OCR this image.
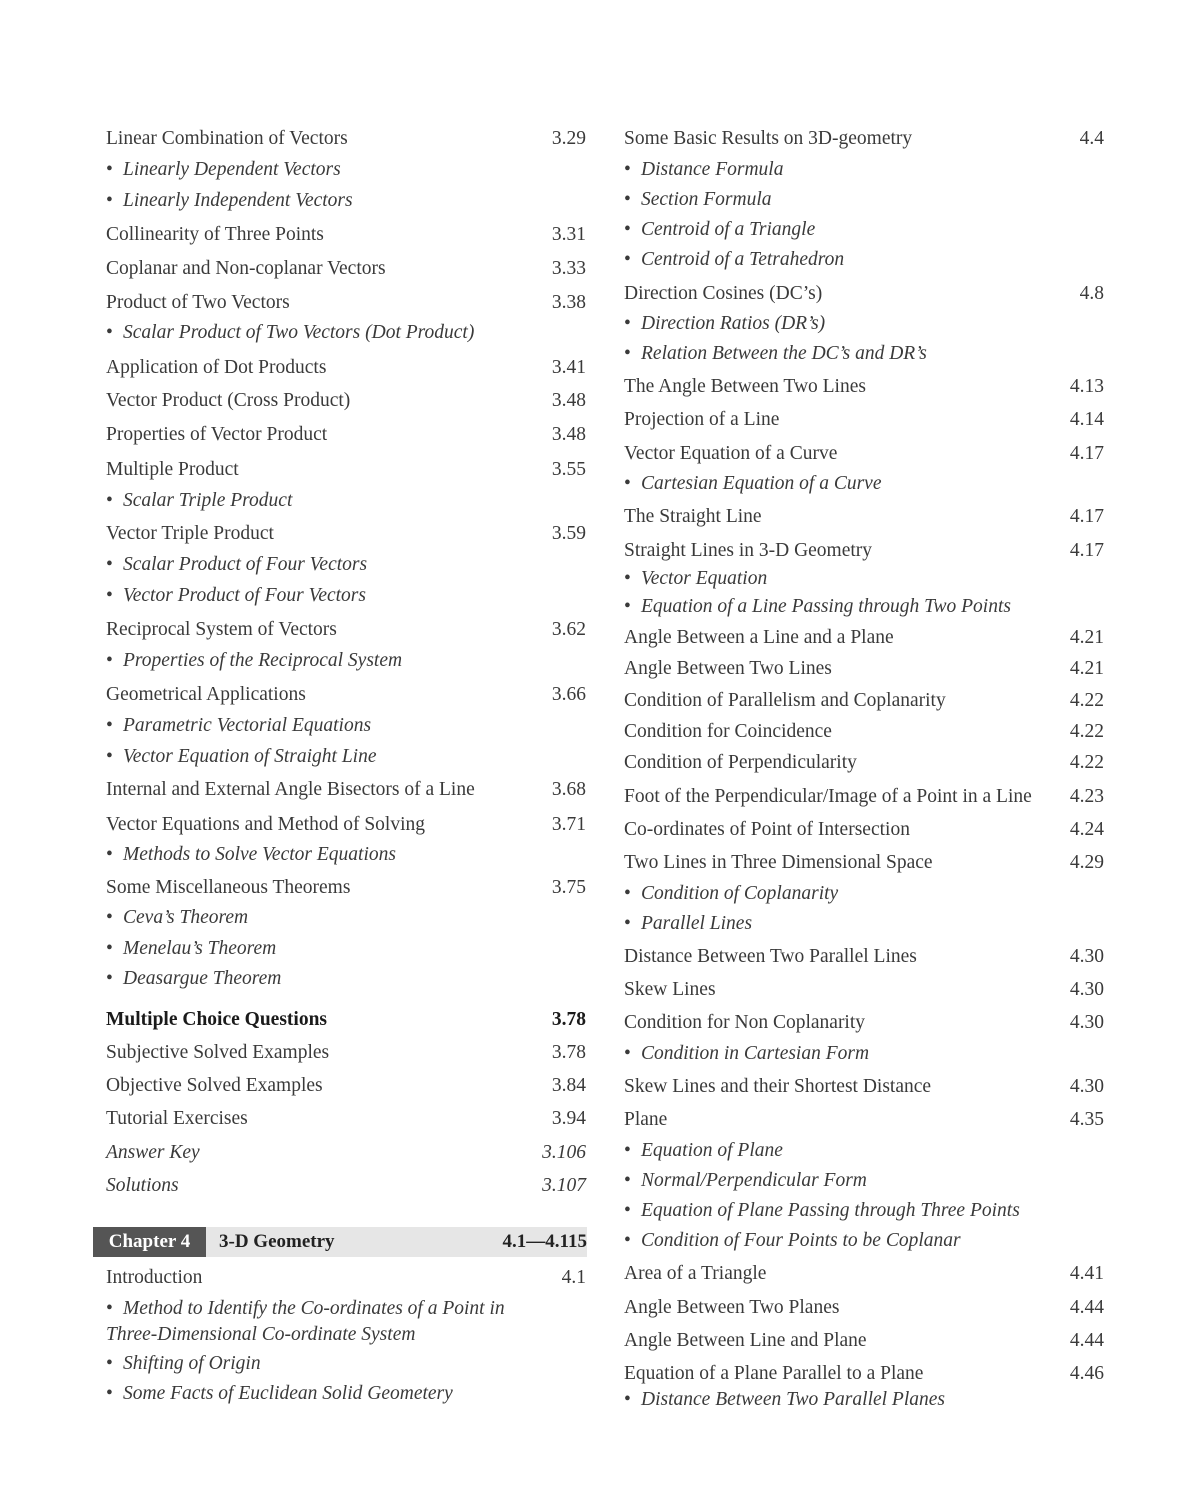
Linear Combination of Vectors	3.29
• Linearly Dependent Vectors
• Linearly Independent Vectors
Collinearity of Three Points	3.31
Coplanar and Non-coplanar Vectors	3.33
Product of Two Vectors	3.38
• Scalar Product of Two Vectors (Dot Product)
Application of Dot Products	3.41
Vector Product (Cross Product)	3.48
Properties of Vector Product	3.48
Multiple Product	3.55
• Scalar Triple Product
Vector Triple Product	3.59
• Scalar Product of Four Vectors
• Vector Product of Four Vectors
Reciprocal System of Vectors	3.62
• Properties of the Reciprocal System
Geometrical Applications	3.66
• Parametric Vectorial Equations
• Vector Equation of Straight Line
Internal and External Angle Bisectors of a Line	3.68
Vector Equations and Method of Solving	3.71
• Methods to Solve Vector Equations
Some Miscellaneous Theorems	3.75
• Ceva’s Theorem
• Menelau’s Theorem
• Deasargue Theorem
Multiple Choice Questions	3.78
Subjective Solved Examples	3.78
Objective Solved Examples	3.84
Tutorial Exercises	3.94
Answer Key	3.106
Solutions	3.107
Introduction	4.1
• Method to Identify the Co-ordinates of a Point in Three-Dimensional Co-ordinate System
• Shifting of Origin
• Some Facts of Euclidean Solid Geometery
Some Basic Results on 3D-geometry	4.4
• Distance Formula
• Section Formula
• Centroid of a Triangle
• Centroid of a Tetrahedron
Direction Cosines (DC’s)	4.8
• Direction Ratios (DR’s)
• Relation Between the DC’s and DR’s
The Angle Between Two Lines	4.13
Projection of a Line	4.14
Vector Equation of a Curve	4.17
• Cartesian Equation of a Curve
The Straight Line	4.17
Straight Lines in 3-D Geometry	4.17
• Vector Equation
• Equation of a Line Passing through Two Points
Angle Between a Line and a Plane	4.21
Angle Between Two Lines	4.21
Condition of Parallelism and Coplanarity	4.22
Condition for Coincidence	4.22
Condition of Perpendicularity	4.22
Foot of the Perpendicular/Image of a Point in a Line	4.23
Co-ordinates of Point of Intersection	4.24
Two Lines in Three Dimensional Space	4.29
• Condition of Coplanarity
• Parallel Lines
Distance Between Two Parallel Lines	4.30
Skew Lines	4.30
Condition for Non Coplanarity	4.30
• Condition in Cartesian Form
Skew Lines and their Shortest Distance	4.30
Plane	4.35
• Equation of Plane
• Normal/Perpendicular Form
• Equation of Plane Passing through Three Points
• Condition of Four Points to be Coplanar
Area of a Triangle	4.41
Angle Between Two Planes	4.44
Angle Between Line and Plane	4.44
Equation of a Plane Parallel to a Plane	4.46
• Distance Between Two Parallel Planes
Chapter 4	3-D Geometry	4.1—4.115
